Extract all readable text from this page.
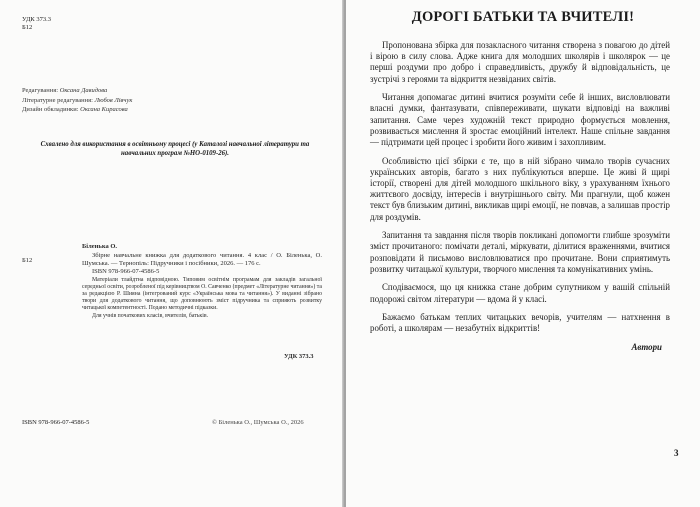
УДК 373.3
Б12
Редагування: Оксана Давидова
Літературне редагування: Любов Лівчук
Дизайн обкладинки: Оксана Кирасова
Схвалено для використання в освітньому процесі (у Каталозі навчальної літератури та навчальних програм №НО-0109-26).
Б12
Біленька О.

Збірне навчальне книжка для додаткового читання. 4 клас / О. Біленька, О. Шумська. — Тернопіль: Підручники і посібники, 2026. — 176 с.

ISBN 978-966-07-4586-5

Матеріали тлайдтна відповідною. Типовим освітнім програмам для закладів загальної середньої освіти, розробленої під керівництвом О. Савченко (предмет «Літературне читання») та за редакцією Р. Шияна (інтегрований курс «Українська мова та читання»). У виданні зібрано твори для додаткового читання, що доповнюють зміст підручника та сприяють розвитку читацької компетентності. Подано методичні підказки.

Для учнів початкових класів, вчителів, батьків.

УДК 373.3
ISBN 978-966-07-4586-5	© Біленька О., Шумська О., 2026
ДОРОГІ БАТЬКИ ТА ВЧИТЕЛІ!

Пропонована збірка для позакласного читання створена з повагою до дітей і вірою в силу слова. Адже книга для молодших школярів і школярок — це перші роздуми про добро і справедливість, дружбу й відповідальність, це зустрічі з героями та відкриття незвіданих світів.

Читання допомагає дитині вчитися розуміти себе й інших, висловлювати власні думки, фантазувати, співпереживати, шукати відповіді на важливі запитання. Саме через художній текст природно формується мовлення, розвивається мислення й зростає емоційний інтелект. Наше спільне завдання — підтримати цей процес і зробити його живим і захопливим.

Особливістю цієї збірки є те, що в ній зібрано чимало творів сучасних українських авторів, багато з них публікуються вперше. Це живі й щирі історії, створені для дітей молодшого шкільного віку, з урахуванням їхнього життєвого досвіду, інтересів і внутрішнього світу. Ми прагнули, щоб кожен текст був близьким дитині, викликав щирі емоції, не повчав, а залишав простір для роздумів.

Запитання та завдання після творів покликані допомогти глибше зрозуміти зміст прочитаного: помічати деталі, міркувати, ділитися враженнями, вчитися розповідати й письмово висловлюватися про прочитане. Вони сприятимуть розвитку читацької культури, творчого мислення та комунікативних умінь.

Сподіваємося, що ця книжка стане добрим супутником у вашій спільній подорожі світом літератури — вдома й у класі.

Бажаємо батькам теплих читацьких вечорів, учителям — натхнення в роботі, а школярам — незабутніх відкриттів!

Автори

3
